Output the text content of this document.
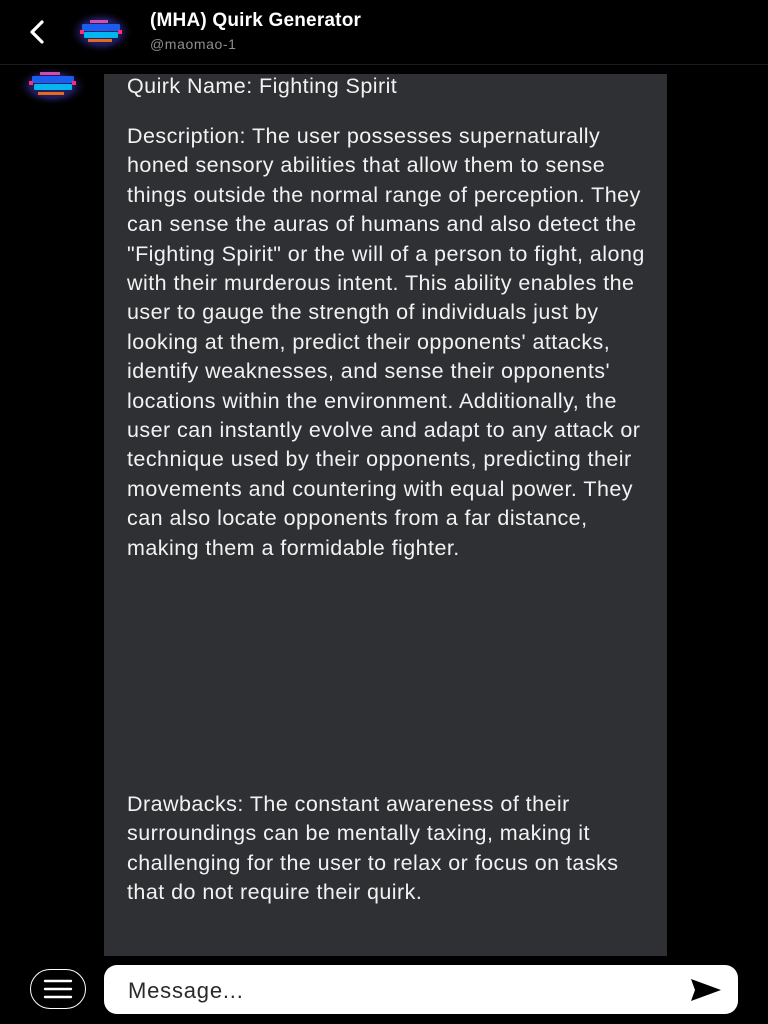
(MHA) Quirk Generator
@maomao-1

Quirk Name: Fighting Spirit

Description: The user possesses supernaturally honed sensory abilities that allow them to sense things outside the normal range of perception. They can sense the auras of humans and also detect the "Fighting Spirit" or the will of a person to fight, along with their murderous intent. This ability enables the user to gauge the strength of individuals just by looking at them, predict their opponents' attacks, identify weaknesses, and sense their opponents' locations within the environment. Additionally, the user can instantly evolve and adapt to any attack or technique used by their opponents, predicting their movements and countering with equal power. They can also locate opponents from a far distance, making them a formidable fighter.

Drawbacks: The constant awareness of their surroundings can be mentally taxing, making it challenging for the user to relax or focus on tasks that do not require their quirk.

Message...
